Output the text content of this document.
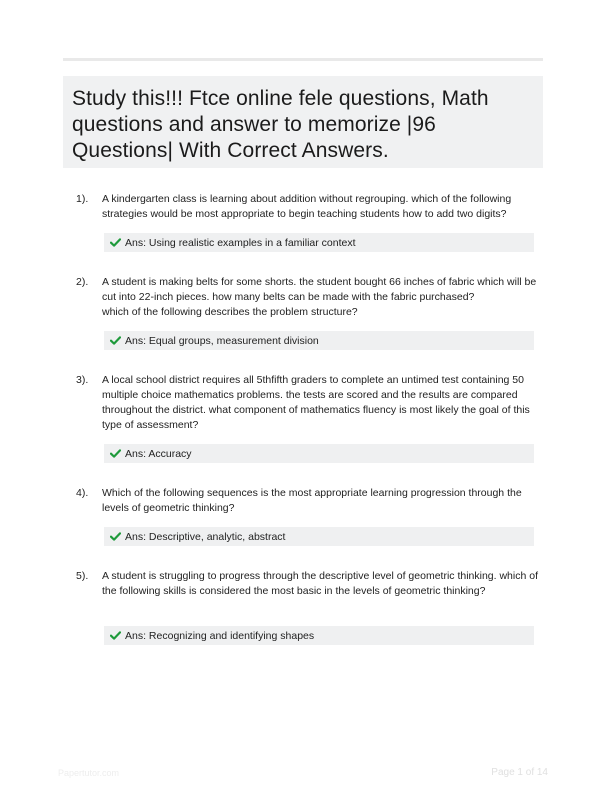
Study this!!! Ftce online fele questions, Math questions and answer to memorize |96 Questions| With Correct Answers.
1). A kindergarten class is learning about addition without regrouping. which of the following strategies would be most appropriate to begin teaching students how to add two digits?
Ans: Using realistic examples in a familiar context
2). A student is making belts for some shorts. the student bought 66 inches of fabric which will be cut into 22-inch pieces. how many belts can be made with the fabric purchased?
which of the following describes the problem structure?
Ans: Equal groups, measurement division
3). A local school district requires all 5thfifth graders to complete an untimed test containing 50 multiple choice mathematics problems. the tests are scored and the results are compared throughout the district. what component of mathematics fluency is most likely the goal of this type of assessment?
Ans: Accuracy
4). Which of the following sequences is the most appropriate learning progression through the levels of geometric thinking?
Ans: Descriptive, analytic, abstract
5). A student is struggling to progress through the descriptive level of geometric thinking. which of the following skills is considered the most basic in the levels of geometric thinking?
Ans: Recognizing and identifying shapes
Papertutor.com	Page 1 of 14
